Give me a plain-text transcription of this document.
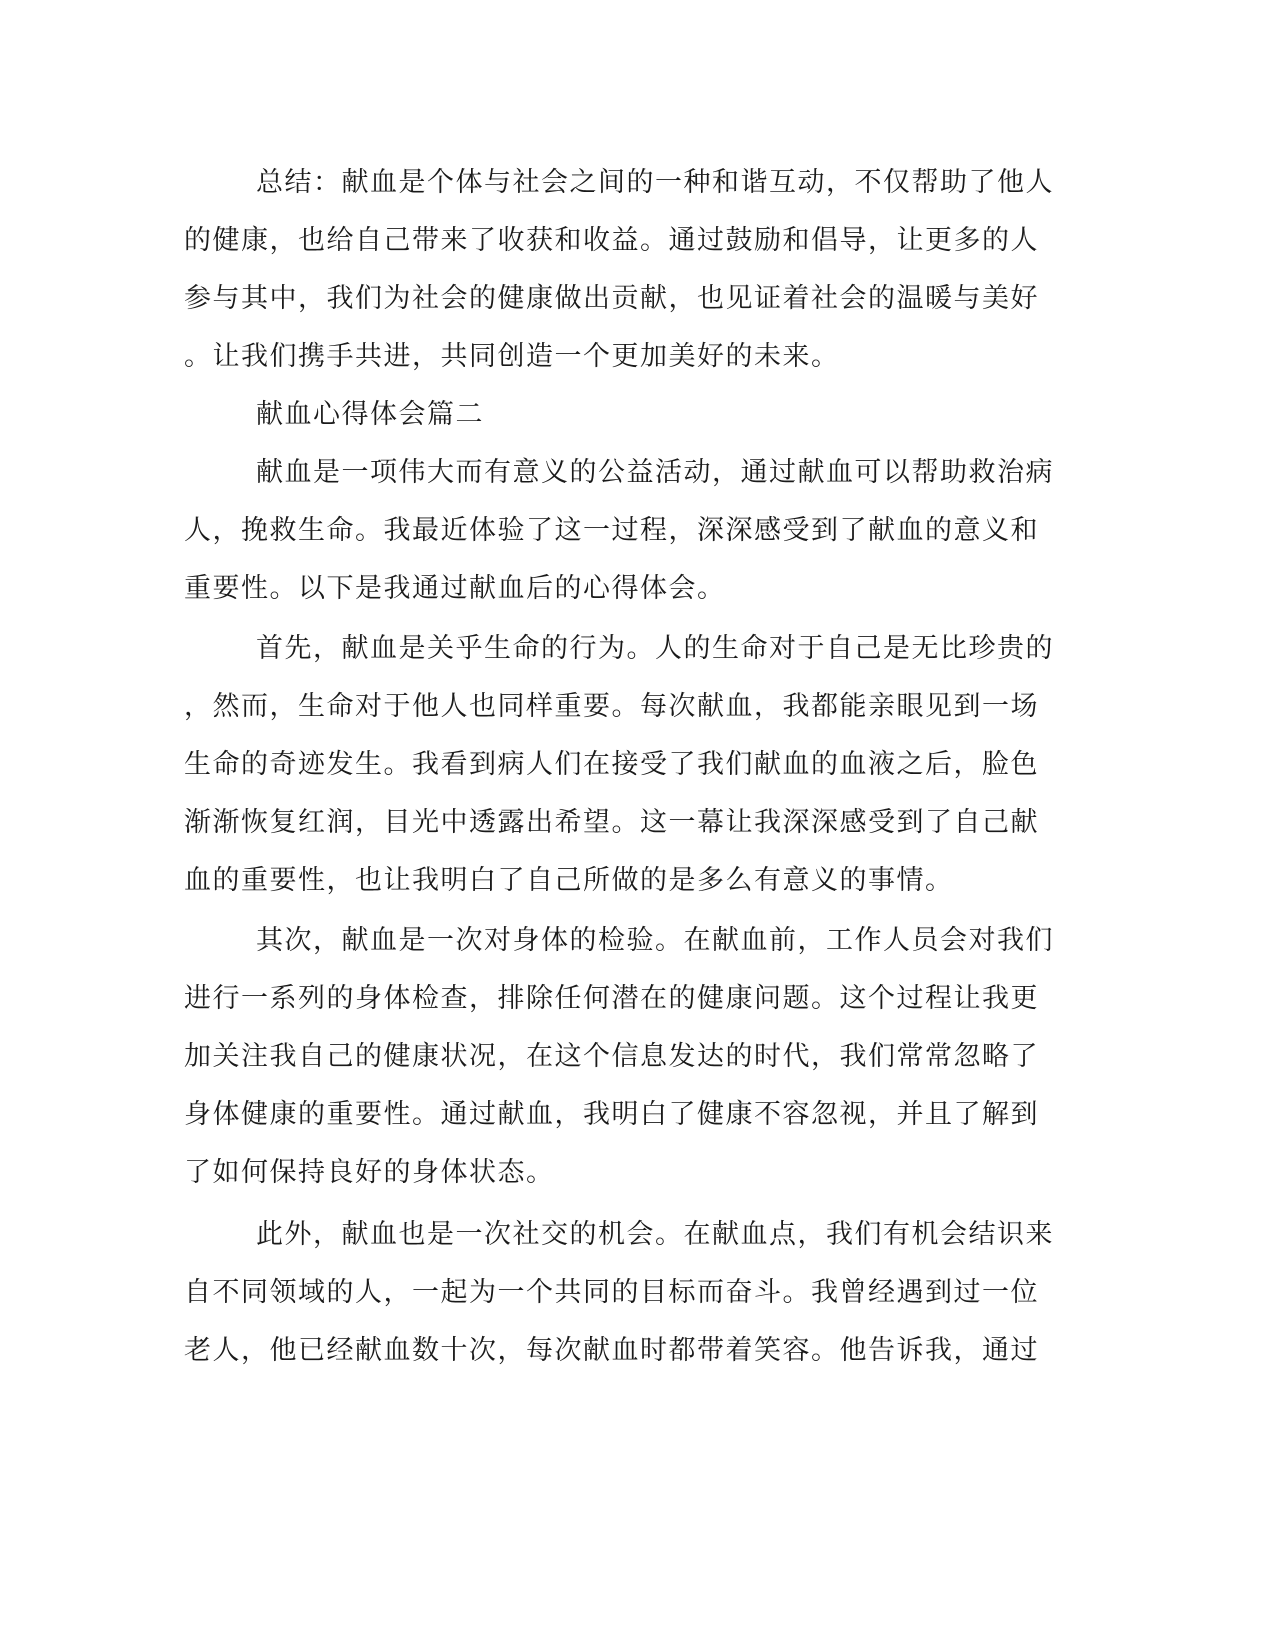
总结：献血是个体与社会之间的一种和谐互动，不仅帮助了他人
的健康，也给自己带来了收获和收益。通过鼓励和倡导，让更多的人
参与其中，我们为社会的健康做出贡献，也见证着社会的温暖与美好
。让我们携手共进，共同创造一个更加美好的未来。
献血心得体会篇二
献血是一项伟大而有意义的公益活动，通过献血可以帮助救治病
人，挽救生命。我最近体验了这一过程，深深感受到了献血的意义和
重要性。以下是我通过献血后的心得体会。
首先，献血是关乎生命的行为。人的生命对于自己是无比珍贵的
，然而，生命对于他人也同样重要。每次献血，我都能亲眼见到一场
生命的奇迹发生。我看到病人们在接受了我们献血的血液之后，脸色
渐渐恢复红润，目光中透露出希望。这一幕让我深深感受到了自己献
血的重要性，也让我明白了自己所做的是多么有意义的事情。
其次，献血是一次对身体的检验。在献血前，工作人员会对我们
进行一系列的身体检查，排除任何潜在的健康问题。这个过程让我更
加关注我自己的健康状况，在这个信息发达的时代，我们常常忽略了
身体健康的重要性。通过献血，我明白了健康不容忽视，并且了解到
了如何保持良好的身体状态。
此外，献血也是一次社交的机会。在献血点，我们有机会结识来
自不同领域的人，一起为一个共同的目标而奋斗。我曾经遇到过一位
老人，他已经献血数十次，每次献血时都带着笑容。他告诉我，通过
